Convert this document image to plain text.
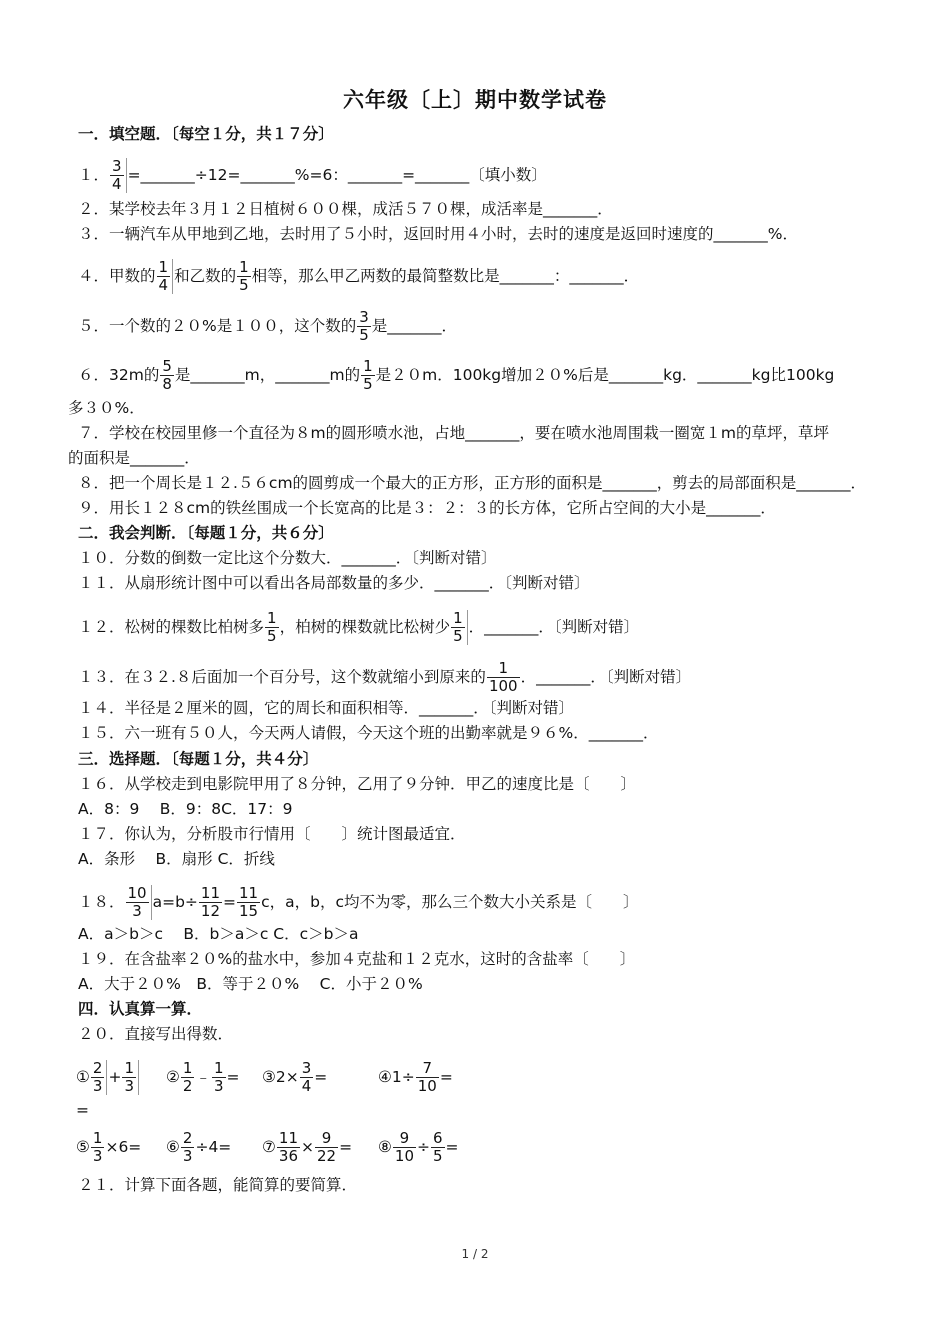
六年级〔上〕期中数学试卷
一．填空题．〔每空１分，共１７分〕
１． $\frac{3}{4}$ =_______÷12=_______%=6：_______=_______〔填小数〕
２．某学校去年３月１２日植树６００棵，成活５７０棵，成活率是_______．
３．一辆汽车从甲地到乙地，去时用了５小时，返回时用４小时，去时的速度是返回时速度的_______%．
４．甲数的 $\frac{1}{4}$ 和乙数的 $\frac{1}{5}$ 相等，那么甲乙两数的最简整数比是_______：_______．
５．一个数的２０%是１００，这个数的 $\frac{3}{5}$ 是_______．
６．32m的 $\frac{5}{8}$ 是_______m，_______m的 $\frac{1}{5}$ 是２０m．100kg增加２０%后是_______kg．_______kg比100kg
多３０%．
７．学校在校园里修一个直径为８m的圆形喷水池，占地_______，要在喷水池周围栽一圈宽１m的草坪，草坪
的面积是_______．
８．把一个周长是１２.５６cm的圆剪成一个最大的正方形，正方形的面积是_______，剪去的局部面积是_______．
９．用长１２８cm的铁丝围成一个长宽高的比是３：２：３的长方体，它所占空间的大小是_______．
二．我会判断．〔每题１分，共６分〕
１０．分数的倒数一定比这个分数大．_______．〔判断对错〕
１１．从扇形统计图中可以看出各局部数量的多少．_______．〔判断对错〕
１２．松树的棵数比柏树多 $\frac{1}{5}$ ，柏树的棵数就比松树少 $\frac{1}{5}$ ．_______．〔判断对错〕
１３．在３２.８后面加一个百分号，这个数就缩小到原来的 $\frac{1}{100}$ ．_______．〔判断对错〕
１４．半径是２厘米的圆，它的周长和面积相等．_______．〔判断对错〕
１５．六一班有５０人，今天两人请假，今天这个班的出勤率就是９６%．_______．
三．选择题．〔每题１分，共４分〕
１６．从学校走到电影院甲用了８分钟，乙用了９分钟．甲乙的速度比是〔　　〕
A．8：9　 B．9：8C．17：9
１７．你认为，分析股市行情用〔　　〕统计图最适宜．
A．条形　 B．扇形 C．折线
１８． $\frac{10}{3} a=b\div \frac{11}{12} = \frac{11}{15}$ c，a，b，c均不为零，那么三个数大小关系是〔　　〕
A．a＞b＞c　 B．b＞a＞c C．c＞b＞a
１９．在含盐率２０%的盐水中，参加４克盐和１２克水，这时的含盐率〔　　〕
A．大于２０%　B．等于２０%　 C．小于２０%
四．认真算一算．
２０．直接写出得数．
① $\frac{2}{3} + \frac{1}{3}$
=
② $\frac{1}{2}$ ﹣ $\frac{1}{3}$ = ③2× $\frac{3}{4}$ =	④1÷ $\frac{7}{10}$ =
⑤ $\frac{1}{3} \times 6=$ ⑥ $\frac{2}{3} \div 4=$ ⑦ $\frac{11}{36} \times \frac{9}{22}$ = ⑧ $\frac{9}{10} \div \frac{6}{5}$ =
２１．计算下面各题，能简算的要简算．
1 / 2
